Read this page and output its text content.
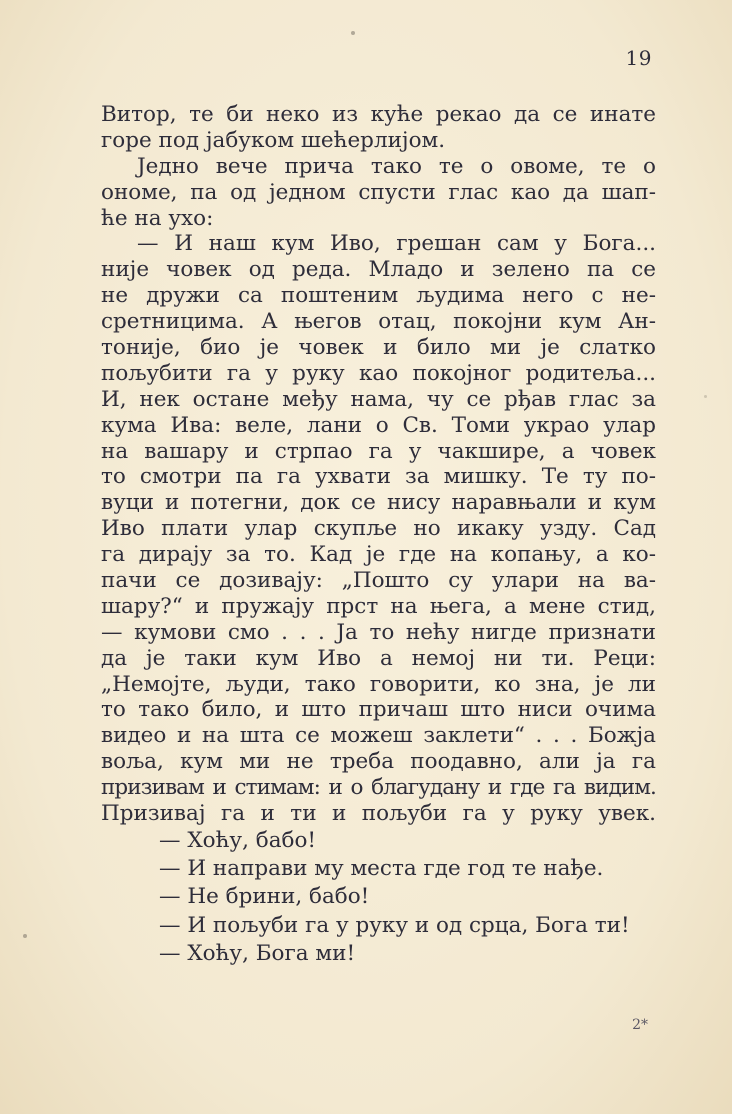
19
Витор, те би неко из куће рекао да се инате
горе под јабуком шећерлијом.
Једно вече прича тако те о овоме, те о
ономе, па од једном спусти глас као да шап-
ће на ухо:
— И наш кум Иво, грешан сам у Бога...
није човек од реда. Младо и зелено па се
не дружи са поштеним људима него с не-
сретницима. А његов отац, покојни кум Ан-
тоније, био је човек и било ми је слатко
пољубити га у руку као покојног родитеља...
И, нек остане међу нама, чу се рђав глас за
кума Ива: веле, лани о Св. Томи украо улар
на вашару и стрпао га у чакшире, а човек
то смотри па га ухвати за мишку. Те ту по-
вуци и потегни, док се нису наравњали и кум
Иво плати улар скупље но икаку узду. Сад
га дирају за то. Кад је где на копању, а ко-
пачи се дозивају: „Пошто су улари на ва-
шару?“ и пружају прст на њега, а мене стид,
— кумови смо . . . Ја то нећу нигде признати
да је таки кум Иво а немој ни ти. Реци:
„Немојте, људи, тако говорити, ко зна, је ли
то тако било, и што причаш што ниси очима
видео и на шта се можеш заклети“ . . . Божја
воља, кум ми не треба поодавно, али ја га
призивам и стимам: и о благудану и где га видим.
Призивај га и ти и пољуби га у руку увек.
— Хоћу, бабо!
— И направи му места где год те нађе.
— Не брини, бабо!
— И пољуби га у руку и од срца, Бога ти!
— Хоћу, Бога ми!
2*
